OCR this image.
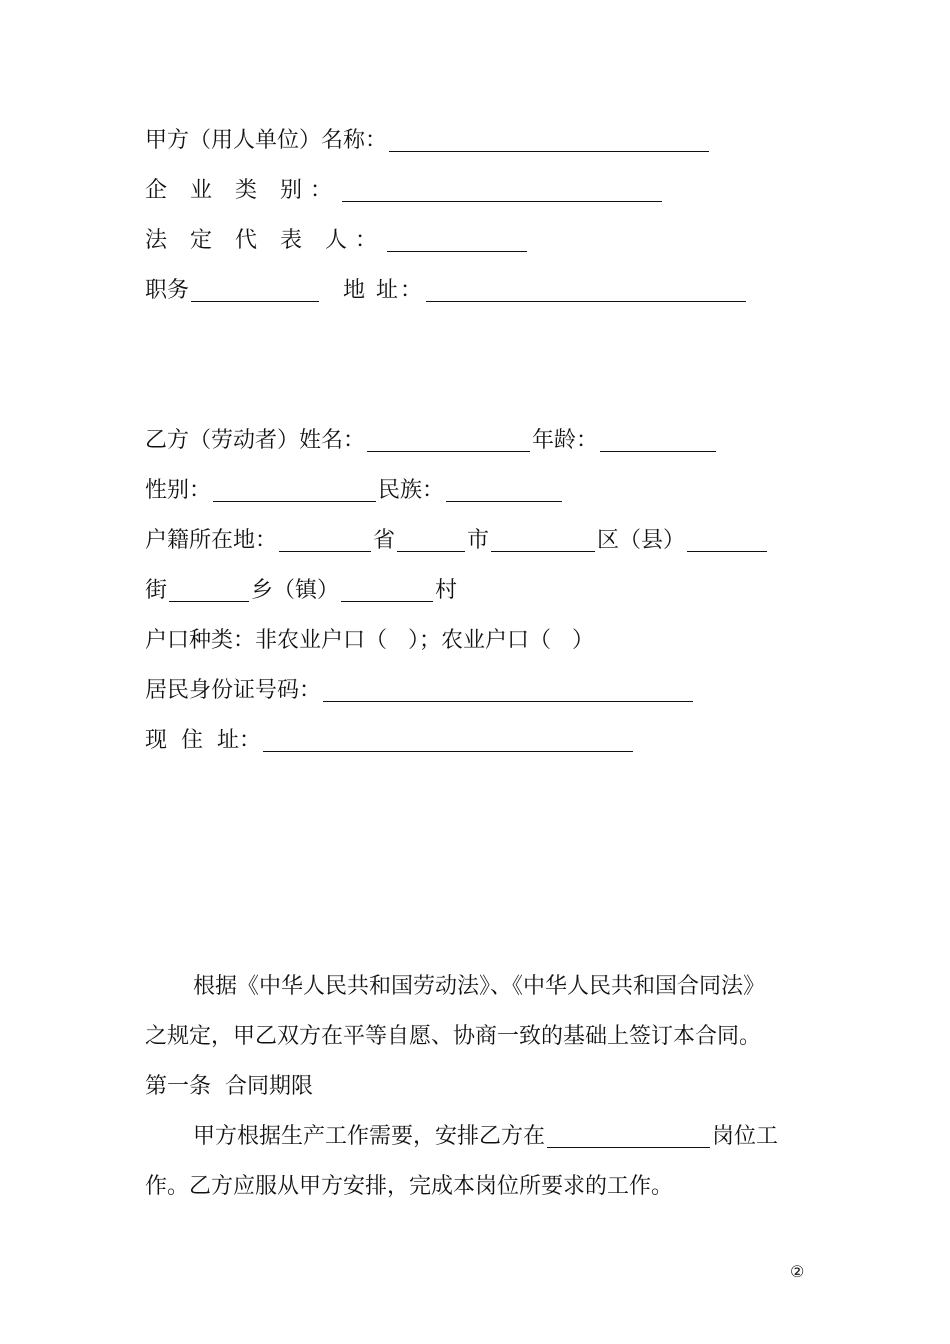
甲方（用人单位）名称：
企 业 类 别：
法 定 代 表 人：
职务	地 址：
乙方（劳动者）姓名：	年龄：
性别：	民族：
户籍所在地：	省	市	区（县）
街	乡（镇）	村
户口种类：非农业户口（   ）；农业户口（   ）
居民身份证号码：
现  住  址：
根据《中华人民共和国劳动法》、《中华人民共和国合同法》
之规定，甲乙双方在平等自愿、协商一致的基础上签订本合同。
第一条  合同期限
甲方根据生产工作需要，安排乙方在	岗位工
作。乙方应服从甲方安排，完成本岗位所要求的工作。
②
